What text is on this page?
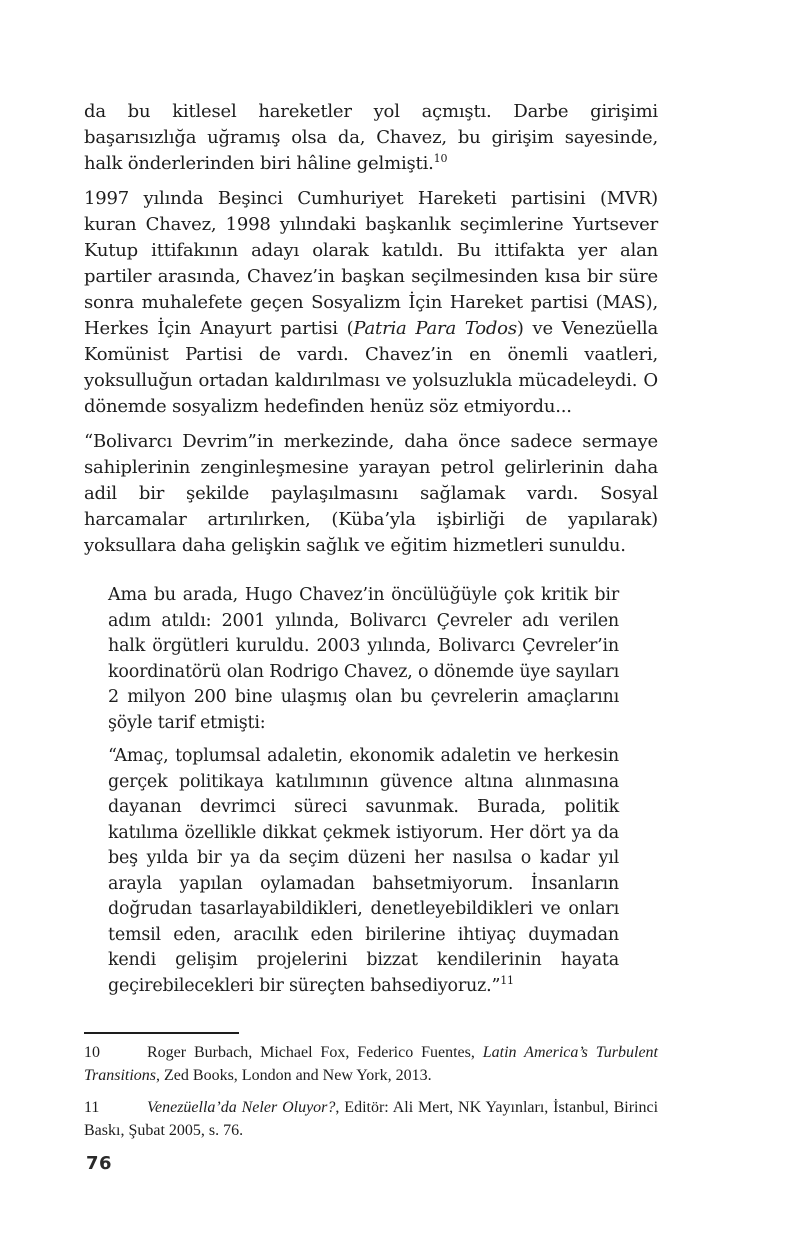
da bu kitlesel hareketler yol açmıştı. Darbe girişimi başarısızlığa uğramış olsa da, Chavez, bu girişim sayesinde, halk önderlerinden biri hâline gelmişti.$^{10}$

1997 yılında Beşinci Cumhuriyet Hareketi partisini (MVR) kuran Chavez, 1998 yılındaki başkanlık seçimlerine Yurtsever Kutup ittifakının adayı olarak katıldı. Bu ittifakta yer alan partiler arasında, Chavez’in başkan seçilmesinden kısa bir süre sonra muhalefete geçen Sosyalizm İçin Hareket partisi (MAS), Herkes İçin Anayurt partisi (Patria Para Todos) ve Venezüella Komünist Partisi de vardı. Chavez’in en önemli vaatleri, yoksulluğun ortadan kaldırılması ve yolsuzlukla mücadeleydi. O dönemde sosyalizm hedefinden henüz söz etmiyordu...

“Bolivarcı Devrim”in merkezinde, daha önce sadece sermaye sahiplerinin zenginleşmesine yarayan petrol gelirlerinin daha adil bir şekilde paylaşılmasını sağlamak vardı. Sosyal harcamalar artırılırken, (Küba’yla işbirliği de yapılarak) yoksullara daha gelişkin sağlık ve eğitim hizmetleri sunuldu.

Ama bu arada, Hugo Chavez’in öncülüğüyle çok kritik bir adım atıldı: 2001 yılında, Bolivarcı Çevreler adı verilen halk örgütleri kuruldu. 2003 yılında, Bolivarcı Çevreler’in koordinatörü olan Rodrigo Chavez, o dönemde üye sayıları 2 milyon 200 bine ulaşmış olan bu çevrelerin amaçlarını şöyle tarif etmişti:

“Amaç, toplumsal adaletin, ekonomik adaletin ve herkesin gerçek politikaya katılımının güvence altına alınmasına dayanan devrimci süreci savunmak. Burada, politik katılıma özellikle dikkat çekmek istiyorum. Her dört ya da beş yılda bir ya da seçim düzeni her nasılsa o kadar yıl arayla yapılan oylamadan bahsetmiyorum. İnsanların doğrudan tasarlayabildikleri, denetleyebildikleri ve onları temsil eden, aracılık eden birilerine ihtiyaç duymadan kendi gelişim projelerini bizzat kendilerinin hayata geçirebilecekleri bir süreçten bahsediyoruz.”$^{11}$

10	Roger Burbach, Michael Fox, Federico Fuentes, Latin America’s Turbulent Transitions, Zed Books, London and New York, 2013.

11	Venezüella’da Neler Oluyor?, Editör: Ali Mert, NK Yayınları, İstanbul, Birinci Baskı, Şubat 2005, s. 76.

76
